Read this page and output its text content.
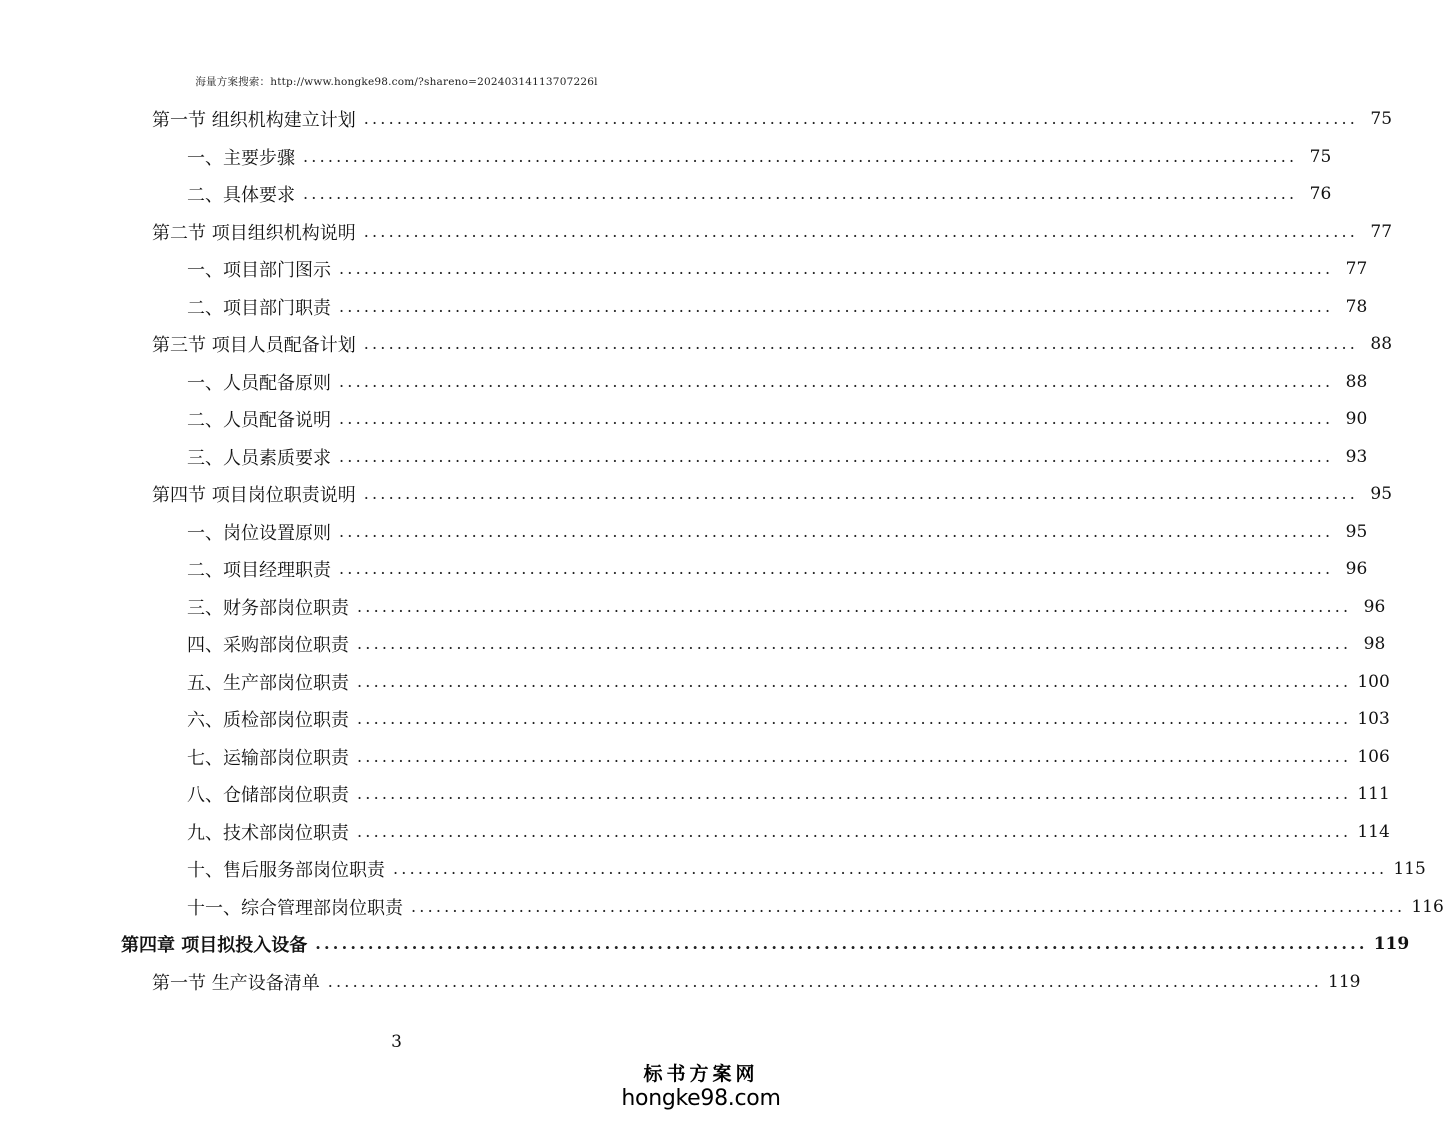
海量方案搜索：http://www.hongke98.com/?shareno=20240314113707226l
第一节 组织机构建立计划 ........................................................................................................................ 75
一、主要步骤 ........................................................................................................................ 75
二、具体要求 ........................................................................................................................ 76
第二节 项目组织机构说明 ........................................................................................................................ 77
一、项目部门图示 ........................................................................................................................ 77
二、项目部门职责 ........................................................................................................................ 78
第三节 项目人员配备计划 ........................................................................................................................ 88
一、人员配备原则 ........................................................................................................................ 88
二、人员配备说明 ........................................................................................................................ 90
三、人员素质要求 ........................................................................................................................ 93
第四节 项目岗位职责说明 ........................................................................................................................ 95
一、岗位设置原则 ........................................................................................................................ 95
二、项目经理职责 ........................................................................................................................ 96
三、财务部岗位职责 ........................................................................................................................ 96
四、采购部岗位职责 ........................................................................................................................ 98
五、生产部岗位职责 ........................................................................................................................ 100
六、质检部岗位职责 ........................................................................................................................ 103
七、运输部岗位职责 ........................................................................................................................ 106
八、仓储部岗位职责 ........................................................................................................................ 111
九、技术部岗位职责 ........................................................................................................................ 114
十、售后服务部岗位职责 ........................................................................................................................ 115
十一、综合管理部岗位职责 ........................................................................................................................ 116
第四章 项目拟投入设备 ........................................................................................................................ 119
第一节 生产设备清单 ........................................................................................................................ 119
3
标书方案网
hongke98.com
